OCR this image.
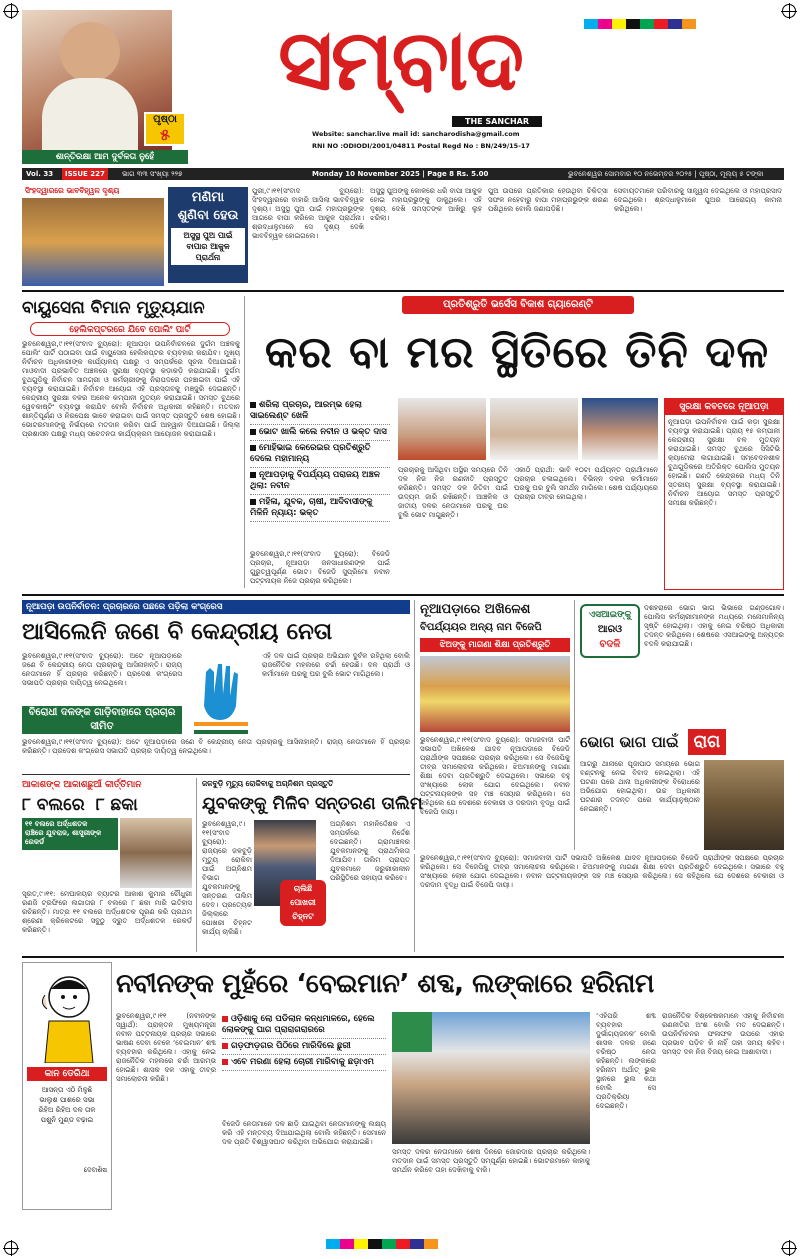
ପୃଷ୍ଠା
୫
ଶାନ୍ତିରକ୍ଷା ଆମ ଦୁର୍ବଳତା ନୁହେଁ
ସମ୍ବାଦ
THE SANCHAR
Website: sanchar.live mail id: sancharodisha@gmail.com
RNI NO :ODIODI/2001/04811 Postal Regd No : BN/249/15-17
Vol. 33	ISSUE 227	ଭାଗ ୩୩ ସଂଖ୍ୟା ୨୨୭	Monday 10 November 2025 | Page 8 Rs. 5.00	ଭୁବନେଶ୍ୱର ସୋମବାର ୧୦ ନଭେମ୍ବର ୨୦୨୫ | ପୃଷ୍ଠା, ମୂଲ୍ୟ ୫ ଟଙ୍କା
ସିଂହଦ୍ୱାରରେ ଭାବବିହ୍ୱଳ ଦୃଶ୍ୟ	ମଣିମା
ଶୁଣିବା ହେଉ
ଅସୁସ୍ଥ ପୁଅ ପାଇଁ ବାପାର ଆକୁଳ ପ୍ରାର୍ଥନା
ପୁରୀ,୯।୧୧(ସଂବାଦ ବ୍ୟୁରୋ): ସିଂହଦ୍ୱାରରେ ବାହାରି ଆସିଲା ଭାବବିହ୍ୱଳ ଦୃଶ୍ୟ। ଅସୁସ୍ଥ ପୁଅ ପାଇଁ ମହାପ୍ରଭୁଙ୍କ ଆଗରେ ବାପା କରିଲେ ଆକୁଳ ପ୍ରାର୍ଥନା। ଶ୍ରଦ୍ଧାଳୁମାନେ ସେ ଦୃଶ୍ୟ ଦେଖି ଭାବବିହ୍ୱଳ ହୋଇଗଲେ।
ଅସୁସ୍ଥ ପୁଅଙ୍କୁ କୋଳରେ ଧରି ବାପା ଆକୁଳ ହୋଇ ମହାପ୍ରଭୁଙ୍କୁ ଡାକୁଥିଲେ। ଏହି ଦୃଶ୍ୟ ଦେଖି ସମସ୍ତଙ୍କ ଆଖିରୁ ଲୁହ ଝରିଲା।
ପୁଅ ଉପରେ ପ୍ରତିକାର ହେଉଥିବା ଚିକିତ୍ସା ସଫଳ ନହେବାରୁ ବାପା ମହାପ୍ରଭୁଙ୍କ ଶରଣ ପଶିଥିଲେ ବୋଲି ଜଣାପଡ଼ିଛି।
ସେବାୟତମାନେ ପରିବାରକୁ ସାନ୍ତ୍ୱନା ଦେଇଥିଲେ ଓ ମହାପ୍ରସାଦ ଦେଇଥିଲେ। ଶ୍ରଦ୍ଧାଳୁମାନେ ପୁଅର ଆରୋଗ୍ୟ କାମନା କରିଥିଲେ।
ବାୟୁସେନା ବିମାନ ମୃତ୍ୟୁଯାନ
ହେଲିକପ୍ଟରରେ ଯିବେ ପୋଲିଂ ପାର୍ଟି
ଭୁବନେଶ୍ୱର,୯।୧୧(ସଂବାଦ ବ୍ୟୁରୋ): ନୂଆପଡ଼ା ଉପନିର୍ବାଚନରେ ଦୁର୍ଗମ ଅଞ୍ଚଳକୁ ପୋଲିଂ ପାର୍ଟି ପଠାଇବା ପାଇଁ ବାୟୁସେନା ହେଲିକପ୍ଟର ବ୍ୟବହାର କରାଯିବ। ମୁଖ୍ୟ ନିର୍ବାଚନ ଅଧିକାରୀଙ୍କ କାର୍ଯ୍ୟାଳୟ ପକ୍ଷରୁ ଏ ସମ୍ପର୍କରେ ସୂଚନା ଦିଆଯାଇଛି। ମାଓବାଦୀ ପ୍ରଭାବିତ ଅଞ୍ଚଳରେ ସୁରକ୍ଷା ବ୍ୟବସ୍ଥା କଡ଼ାକଡ଼ି କରାଯାଇଛି। ଦୁର୍ଗମ ବୁଥଗୁଡ଼ିକୁ ନିର୍ବାଚନ ସାମଗ୍ରୀ ଓ କର୍ମଚାରୀଙ୍କୁ ନିରାପଦରେ ପହଞ୍ଚାଇବା ପାଇଁ ଏହି ବ୍ୟବସ୍ଥା କରାଯାଇଛି। ନିର୍ବାଚନ ଆୟୋଗ ଏହି ପ୍ରସ୍ତାବକୁ ମଞ୍ଜୁରି ଦେଇଛନ୍ତି। କେନ୍ଦ୍ରୀୟ ସୁରକ୍ଷା ବଳର ଅନେକ କମ୍ପାନୀ ମୁତୟନ କରାଯାଇଛି। ସମସ୍ତ ବୁଥରେ ୱେବକାଷ୍ଟିଂ ବ୍ୟବସ୍ଥା କରାଯିବ ବୋଲି ନିର୍ବାଚନ ଅଧିକାରୀ କହିଛନ୍ତି। ମତଦାନ ଶାନ୍ତିପୂର୍ଣ୍ଣ ଓ ନିରପେକ୍ଷ ଭାବେ କରାଇବା ପାଇଁ ସମସ୍ତ ପ୍ରସ୍ତୁତି ଶେଷ ହୋଇଛି। ଭୋଟରମାନଙ୍କୁ ନିର୍ଭୟରେ ମତଦାନ କରିବା ପାଇଁ ଆହ୍ୱାନ ଦିଆଯାଇଛି। ଜିଲ୍ଲା ପ୍ରଶାସନ ପକ୍ଷରୁ ମଧ୍ୟ ସଚେତନତା କାର୍ଯ୍ୟକ୍ରମ ଆୟୋଜନ କରାଯାଇଛି।
ପ୍ରତିଶ୍ରୁତି ଭର୍ସେସ ବିକାଶ ଗ୍ୟାରେଣ୍ଟି
କର ବା ମର ସ୍ଥିତିରେ ତିନି ଦଳ
ଶରିଲା ପ୍ରଚାର, ଆରମ୍ଭ ହେଲା ସାଇଲେଣ୍ଟ ଖେଳି
ଭୋଟ ଖାଲି କଲେ ନବୀନ ଓ ଭକ୍ତ ଦାସ
ମୋହିଭାଇ କେରେଇର ପ୍ରତିଶ୍ରୁତି ଦେଲେ ମହାମାନ୍ୟ
ନୂଆପଡ଼ାକୁ ବିପର୍ଯ୍ୟୟ ପରାଜୟ ଅଞ୍ଚଳ ଥିଲା: ନବୀନ
ମହିଳା, ଯୁବକ, ଚାଷୀ, ଆଦିବାସୀଙ୍କୁ ମିଳିନି ନ୍ୟାୟ: ଭକ୍ତ
ଭୁବନେଶ୍ୱର,୯।୧୧(ସଂବାଦ ବ୍ୟୁରୋ): ବିଜେଡି ପ୍ରଚାର, ନୂଆପଡ଼ା ଜନସାଧାରଣଙ୍କ ପାଇଁ ଗୁରୁତ୍ୱପୂର୍ଣ୍ଣ ଭୋଟ। ବିଜେଡି ସୁପ୍ରିମୋ ନବୀନ ପଟ୍ଟନାୟକ ନିଜେ ପ୍ରଚାର କରିଥିଲେ।
ପ୍ରଚାରକୁ ଆସିଥିବା ଅସ୍ଥିର ସମୟରେ ତିନି ଦଳ ନିଜ ନିଜ ରଣନୀତି ପ୍ରସ୍ତୁତ କରିଛନ୍ତି। ସମସ୍ତ ଦଳ ଜିତିବା ପାଇଁ ଉଦ୍ୟମ ଜାରି ରଖିଛନ୍ତି। ଆଞ୍ଚଳିକ ଓ ଜାତୀୟ ଦଳର ନେତାମାନେ ଘରକୁ ଘର ବୁଲି ଭୋଟ ମାଗୁଛନ୍ତି।
ଏକାଠି ପ୍ରାର୍ଥୀ: ଭାବି ୧୦ଟା ପର୍ଯ୍ୟନ୍ତ ପ୍ରାର୍ଥୀମାନେ ପ୍ରଚାର ଚଳାଇଥିଲେ। ବିଭିନ୍ନ ଦଳର କର୍ମୀମାନେ ଘରକୁ ଘର ବୁଲି ସମର୍ଥନ ମାଗିଲେ। ଶେଷ ପର୍ଯ୍ୟାୟରେ ପ୍ରଚାର ତୀବ୍ର ହୋଇଥିଲା।
ସୁରକ୍ଷା କବଚରେ ନୂଆପଡ଼ା
ନୂଆପଡ଼ା ଉପନିର୍ବାଚନ ପାଇଁ କଡ଼ା ସୁରକ୍ଷା ବ୍ୟବସ୍ଥା କରାଯାଇଛି। ପ୍ରାୟ ୧୫ କମ୍ପାନୀ କେନ୍ଦ୍ରୀୟ ସୁରକ୍ଷା ବଳ ମୁତୟନ କରାଯାଇଛି। ସମସ୍ତ ବୁଥରେ ସିସିଟିଭି କ୍ୟାମେରା ଲଗାଯାଇଛି। ସମ୍ବେଦନଶୀଳ ବୁଥଗୁଡ଼ିକରେ ଅତିରିକ୍ତ ପୋଲିସ ମୁତୟନ ହୋଇଛି। ଗଣତି କେନ୍ଦ୍ରରେ ମଧ୍ୟ ତିନି ସ୍ତରୀୟ ସୁରକ୍ଷା ବ୍ୟବସ୍ଥା କରାଯାଇଛି। ନିର୍ବାଚନ ଆୟୋଗ ସମସ୍ତ ପ୍ରସ୍ତୁତି ସମୀକ୍ଷା କରିଛନ୍ତି।
ନୂଆପଡ଼ା ଉପନିର୍ବାଚନ: ପ୍ରଚାରରେ ପଛରେ ପଡ଼ିଲା କଂଗ୍ରେସ
ଆସିଲେନି ଜଣେ ବି କେନ୍ଦ୍ରୀୟ ନେତା
ଭୁବନେଶ୍ୱର,୯।୧୧(ସଂବାଦ ବ୍ୟୁରୋ): ଅଟେ ନୂଆପଡ଼ାରେ ଜଣେ ବି କେନ୍ଦ୍ରୀୟ ନେତା ପ୍ରଚାରକୁ ଆସିନାହାନ୍ତି। ରାଜ୍ୟ ନେତାମାନେ ହିଁ ପ୍ରଚାର କରିଛନ୍ତି। ପ୍ରଦେଶ କଂଗ୍ରେସ ସଭାପତି ପ୍ରଚାର ଦାୟିତ୍ୱ ନେଇଥିଲେ।
ବିରୋଧୀ ଦଳଙ୍କ ଗାଡ଼ିବାହାରେ ପ୍ରଚାର ସୀମିତ
ଏହି ଦଳ ପାଇଁ ପ୍ରଚାର ଅଭିଯାନ ଦୁର୍ବଳ ରହିଥିଲା ବୋଲି ରାଜନୈତିକ ମହଲରେ ଚର୍ଚ୍ଚା ହେଉଛି। ଦଳ ପ୍ରାର୍ଥୀ ଓ କର୍ମୀମାନେ ଘରକୁ ଘର ବୁଲି ଭୋଟ ମାଗିଥିଲେ।
ଭୁବନେଶ୍ୱର,୯।୧୧(ସଂବାଦ ବ୍ୟୁରୋ): ଅଟେ ନୂଆପଡ଼ାରେ ଜଣେ ବି କେନ୍ଦ୍ରୀୟ ନେତା ପ୍ରଚାରକୁ ଆସିନାହାନ୍ତି। ରାଜ୍ୟ ନେତାମାନେ ହିଁ ପ୍ରଚାର କରିଛନ୍ତି। ପ୍ରଦେଶ କଂଗ୍ରେସ ସଭାପତି ପ୍ରଚାର ଦାୟିତ୍ୱ ନେଇଥିଲେ।
ନୂଆପଡ଼ାରେ ଅଖିଳେଶ
ବିପର୍ଯ୍ୟୟର ଅନ୍ୟ ନାମ ବିଜେପି
ଝିଅଙ୍କୁ ମାଗଣା ଶିକ୍ଷା ପ୍ରତିଶ୍ରୁତି
ଭୁବନେଶ୍ୱର,୯।୧୧(ସଂବାଦ ବ୍ୟୁରୋ): ସମାଜବାଦୀ ପାର୍ଟି ସଭାପତି ଅଖିଳେଶ ଯାଦବ ନୂଆପଡ଼ାରେ ବିଜେଡି ପ୍ରାର୍ଥୀଙ୍କ ସପକ୍ଷରେ ପ୍ରଚାର କରିଥିଲେ। ସେ ବିଜେପିକୁ ତୀବ୍ର ସମାଲୋଚନା କରିଥିଲେ। ଝିଅମାନଙ୍କୁ ମାଗଣା ଶିକ୍ଷା ଦେବା ପ୍ରତିଶ୍ରୁତି ଦେଇଥିଲେ। ସଭାରେ ବହୁ ସଂଖ୍ୟାରେ ଲୋକ ଯୋଗ ଦେଇଥିଲେ। ନବୀନ ପଟ୍ଟନାୟକଙ୍କ ସହ ମଞ୍ଚ ସେୟାର କରିଥିଲେ। ସେ କହିଥିଲେ ଯେ ଦେଶରେ ବେକାରୀ ଓ ଦରଦାମ ବୃଦ୍ଧି ପାଇଁ ବିଜେପି ଦାୟୀ।
ଏସଆଇଙ୍କୁ
ଆରଓ
ବଦଳି
ଦଶହରାରେ ଭୋଗ ଭାଗ ଭିଭାରେ ଗଣ୍ଡଗୋଳ। ପୋଲିସ କର୍ମଚାରୀମାନଙ୍କ ମଧ୍ୟରେ ମନୋମାଳିନ୍ୟ ସୃଷ୍ଟି ହୋଇଥିଲା। ଏହାକୁ ନେଇ ବରିଷ୍ଠ ଅଧିକାରୀ ତଦନ୍ତ କରିଥିଲେ। ଶେଷରେ ଏସଆଇଙ୍କୁ ଅନ୍ୟତ୍ର ବଦଳି କରାଯାଇଛି।
ଭୋଗ ଭାଗ ପାଇଁ ରାଗ
ଆଗରୁ ଥାନାରେ ପୂଜାପାଠ ସମୟରେ ଭୋଗ ବଣ୍ଟନକୁ ନେଇ ବିବାଦ ହୋଇଥିଲା। ଏହି ଘଟଣା ପରେ ଥାନା ଅଧିକାରୀଙ୍କ ବିରୋଧରେ ଅଭିଯୋଗ ହୋଇଥିଲା। ଉଚ୍ଚ ଅଧିକାରୀ ଘଟଣାର ତଦନ୍ତ ପରେ କାର୍ଯ୍ୟାନୁଷ୍ଠାନ ନେଇଛନ୍ତି।
ଆକାଶଙ୍କ ଆକାଶଛୁଆଁ କୀର୍ତ୍ତିମାନ
୮ ବଲରେ ୮ ଛକା
୧୧ ବଲରେ ଅର୍ଦ୍ଧଶତକ
ରାଞ୍ଚିରେ ଯୁବରାଜ, ଶାସ୍ତ୍ରୀଙ୍କ ରେକର୍ଡ
ସୂରତ,୯।୧୧: ମେଘାଳୟର ବ୍ୟାଟର ଆକାଶ କୁମାର ଚୌଧୁରୀ ରଣଜି ଟ୍ରଫିରେ ଲଗାତାର ୮ ବଲରେ ୮ ଛକା ମାରି ଇତିହାସ ରଚିଛନ୍ତି। ମାତ୍ର ୧୧ ବଲରେ ଅର୍ଦ୍ଧଶତକ ପୂରଣ କରି ପ୍ରଥମ ଶ୍ରେଣୀ କ୍ରିକେଟରେ ସବୁଠୁ ଦ୍ରୁତ ଅର୍ଦ୍ଧଶତକ ରେକର୍ଡ କରିଛନ୍ତି।
ଜଳବୁଡ଼ି ମୃତ୍ୟୁ ରୋକିବାକୁ ଅଗ୍ନିଶମ ପ୍ରସ୍ତୁତି
ଯୁବକଙ୍କୁ ମିଳିବ ସନ୍ତରଣ ତାଲିମ
ଚାଲିଛି
ପୋଖରୀ
ଚିହ୍ନଟ
ଭୁବନେଶ୍ୱର,୯।୧୧(ସଂବାଦ ବ୍ୟୁରୋ): ରାଜ୍ୟରେ ଜଳବୁଡ଼ି ମୃତ୍ୟୁ ରୋକିବା ପାଇଁ ଅଗ୍ନିଶମ ବିଭାଗ ଯୁବକମାନଙ୍କୁ ସନ୍ତରଣ ତାଲିମ ଦେବ। ପ୍ରତ୍ୟେକ ଜିଲ୍ଲାରେ ପୋଖରୀ ଚିହ୍ନଟ କାର୍ଯ୍ୟ ଚାଲିଛି।
ଅଗ୍ନିଶମ ମହାନିର୍ଦ୍ଦେଶକ ଏ ସମ୍ପର୍କରେ ନିର୍ଦ୍ଦେଶ ଦେଇଛନ୍ତି। ଗ୍ରାମାଞ୍ଚଳର ଯୁବକମାନଙ୍କୁ ପ୍ରାଥମିକତା ଦିଆଯିବ। ତାଲିମ ପ୍ରାପ୍ତ ଯୁବକମାନେ ଜରୁରୀକାଳୀନ ପରିସ୍ଥିତିରେ ସହାୟତା କରିବେ।
ଭୁବନେଶ୍ୱର,୯।୧୧(ସଂବାଦ ବ୍ୟୁରୋ): ସମାଜବାଦୀ ପାର୍ଟି ସଭାପତି ଅଖିଳେଶ ଯାଦବ ନୂଆପଡ଼ାରେ ବିଜେଡି ପ୍ରାର୍ଥୀଙ୍କ ସପକ୍ଷରେ ପ୍ରଚାର କରିଥିଲେ। ସେ ବିଜେପିକୁ ତୀବ୍ର ସମାଲୋଚନା କରିଥିଲେ। ଝିଅମାନଙ୍କୁ ମାଗଣା ଶିକ୍ଷା ଦେବା ପ୍ରତିଶ୍ରୁତି ଦେଇଥିଲେ। ସଭାରେ ବହୁ ସଂଖ୍ୟାରେ ଲୋକ ଯୋଗ ଦେଇଥିଲେ। ନବୀନ ପଟ୍ଟନାୟକଙ୍କ ସହ ମଞ୍ଚ ସେୟାର କରିଥିଲେ। ସେ କହିଥିଲେ ଯେ ଦେଶରେ ବେକାରୀ ଓ ଦରଦାମ ବୃଦ୍ଧି ପାଇଁ ବିଜେପି ଦାୟୀ।
ନବୀନଙ୍କ ମୁହଁରେ ‘ବେଇମାନ’ ଶବ୍ଦ, ଲଙ୍କାରେ ହରିନାମ
କାନ ଡେରିଥା
ଆସନ୍ତା ଏଠି ମିଳୁଛି
ଭାଲୁଶ ପାଶରେ ସଭା
ରିହିଅ ରିହିଅ ଦଳ ତାଳ
ପଶୁନି ମୁଣ୍ଡ ବଢ଼ାଇ
ଦେବାଶିଷ
ଭୁବନେଶ୍ୱର,୯।୧୧ (ନବୀନଙ୍କ ସ୍ୱାର୍ଥ): ପ୍ରାକ୍ତନ ମୁଖ୍ୟମନ୍ତ୍ରୀ ନବୀନ ପଟ୍ଟନାୟକ ପ୍ରଚାର ସଭାରେ ଭାଷଣ ଦେବା ବେଳେ ‘ବେଇମାନ’ ଶବ୍ଦ ବ୍ୟବହାର କରିଥିଲେ। ଏହାକୁ ନେଇ ରାଜନୈତିକ ମହଲରେ ଚର୍ଚ୍ଚା ଆରମ୍ଭ ହୋଇଛି। ଶାସକ ଦଳ ଏହାକୁ ତୀବ୍ର ସମାଲୋଚନା କରିଛି।
ଓଡ଼ିଶାକୁ ଲୋ ପଡିଲାନ କନ୍ଧମାଳରେ, ହେଲେ ଲୋକଙ୍କୁ ଘାଗ ପ୍ରାରାଗରାରରେ
ଗଡ଼ଫାଡ଼ଗର ପିଠିରେ ମାରିଦିଲେ ଛୁରୀ
ଏବେ ମରଣା ହେଲା ଚୋରୀ ମାରିବାକୁ ଛଡ଼ାଏମ
ବିଜେଡି ନେତାମାନେ ଦଳ ଛାଡ଼ି ଯାଇଥିବା ନେତାମାନଙ୍କୁ ଲକ୍ଷ୍ୟ କରି ଏହି ମନ୍ତବ୍ୟ ଦିଆଯାଇଥିଲା ବୋଲି କହିଛନ୍ତି। ସେମାନେ ଦଳ ପ୍ରତି ବିଶ୍ୱାସଘାତ କରିଥିବା ଅଭିଯୋଗ କରାଯାଇଛି।
ସମସ୍ତ ଦଳର ନେତାମାନେ ଶେଷ ଦିନରେ ଜୋରଦାର ପ୍ରଚାର କରିଥିଲେ। ମତଦାନ ପାଇଁ ସମସ୍ତ ପ୍ରସ୍ତୁତି ସମ୍ପୂର୍ଣ୍ଣ ହୋଇଛି। ଭୋଟରମାନେ କାହାକୁ ସମର୍ଥନ କରିବେ ତାହା ଦେଖିବାକୁ ବାକି।
‘ଏହିପରି ଶବ୍ଦ ବ୍ୟବହାର ଦୁର୍ଭାଗ୍ୟଜନକ’ ବୋଲି ଶାସକ ଦଳର ଜଣେ ବରିଷ୍ଠ ନେତା କହିଛନ୍ତି। ଲଙ୍କାରେ ହରିନାମ ଅର୍ଥାତ୍ ଭୁଲ ସ୍ଥାନରେ ଭୁଲ କଥା ବୋଲି ସେ ପ୍ରତିକ୍ରିୟା ଦେଇଛନ୍ତି।
ରାଜନୈତିକ ବିଶ୍ଳେଷକମାନେ ଏହାକୁ ନିର୍ବାଚନୀ ରଣନୀତିର ଅଂଶ ବୋଲି ମତ ଦେଇଛନ୍ତି। ଉପନିର୍ବାଚନର ଫଳାଫଳ ଉପରେ ଏହାର ପ୍ରଭାବ ପଡ଼ିବ କି ନାହିଁ ତାହା ସମୟ କହିବ। ସମସ୍ତ ଦଳ ନିଜ ବିଜୟ ନେଇ ଆଶାବାଦୀ।
